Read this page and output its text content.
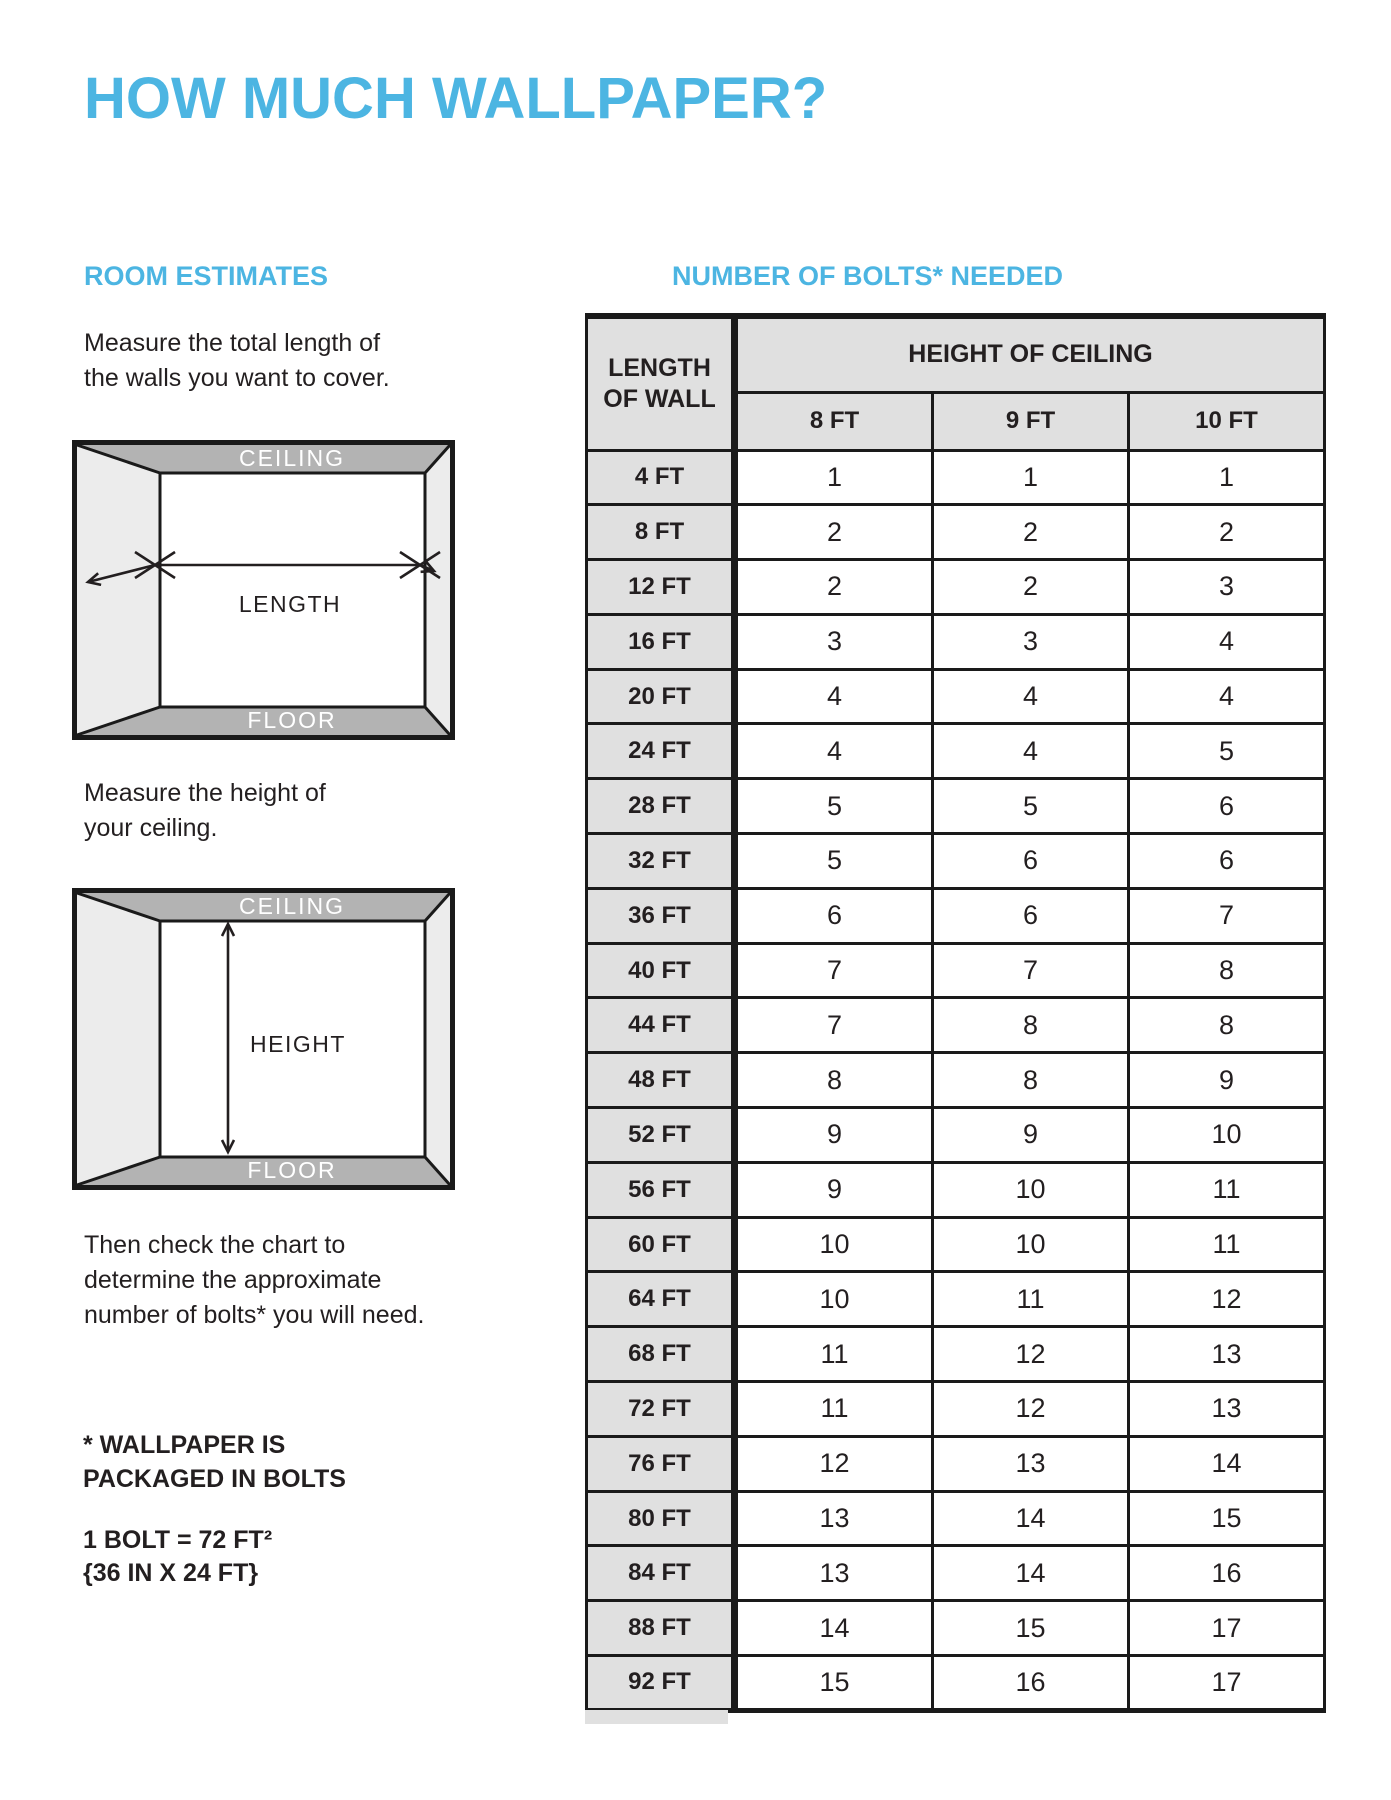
HOW MUCH WALLPAPER?
ROOM ESTIMATES
Measure the total length of
the walls you want to cover.
CEILING
FLOOR
LENGTH
Measure the height of
your ceiling.
CEILING
FLOOR
HEIGHT
Then check the chart to
determine the approximate
number of bolts* you will need.
* WALLPAPER IS
PACKAGED IN BOLTS
1 BOLT = 72 FT²
{36 IN X 24 FT}
NUMBER OF BOLTS* NEEDED
LENGTH
OF WALL	HEIGHT OF CEILING		
	8 FT	9 FT	10 FT
4 FT	1	1	1
8 FT	2	2	2
12 FT	2	2	3
16 FT	3	3	4
20 FT	4	4	4
24 FT	4	4	5
28 FT	5	5	6
32 FT	5	6	6
36 FT	6	6	7
40 FT	7	7	8
44 FT	7	8	8
48 FT	8	8	9
52 FT	9	9	10
56 FT	9	10	11
60 FT	10	10	11
64 FT	10	11	12
68 FT	11	12	13
72 FT	11	12	13
76 FT	12	13	14
80 FT	13	14	15
84 FT	13	14	16
88 FT	14	15	17
92 FT	15	16	17
